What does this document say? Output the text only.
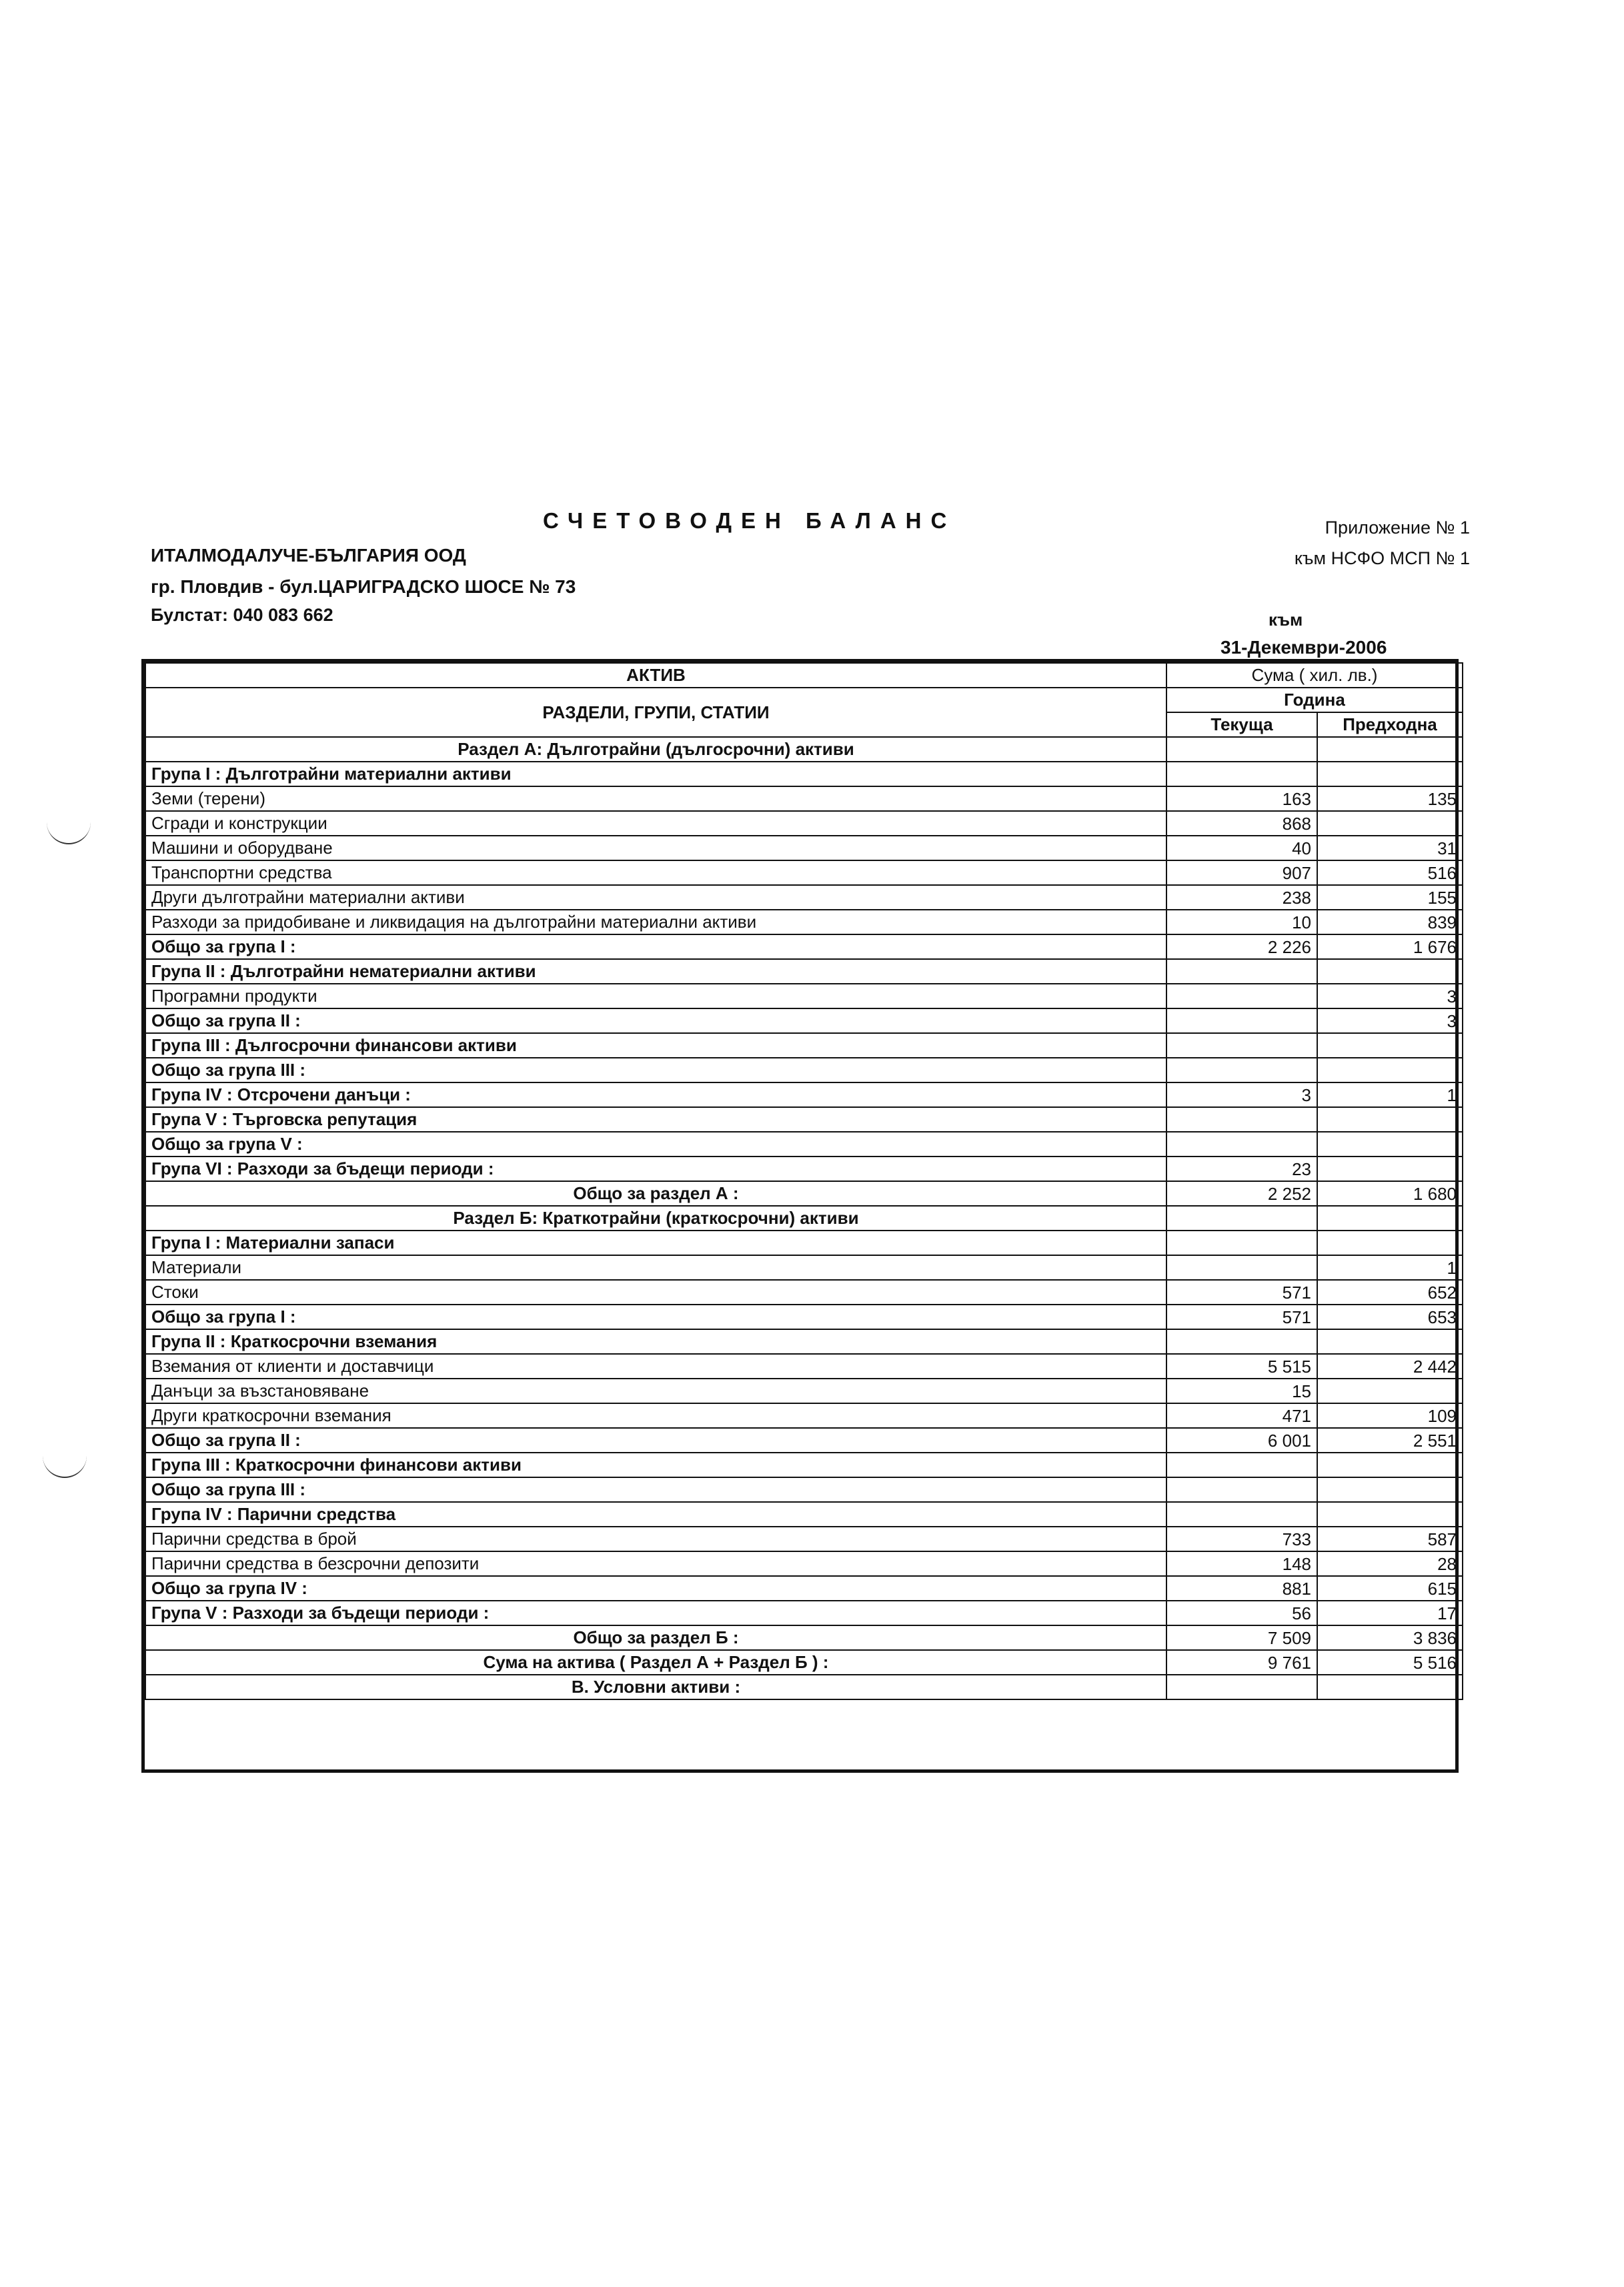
СЧЕТОВОДЕН БАЛАНС
ИТАЛМОДАЛУЧЕ-БЪЛГАРИЯ ООД
гр. Пловдив - бул.ЦАРИГРАДСКО ШОСЕ № 73
Булстат: 040 083 662
Приложение № 1
към НСФО МСП № 1
към
31-Декември-2006
АКТИВ	Сума ( хил. лв.)	
РАЗДЕЛИ, ГРУПИ, СТАТИИ	Година	
	Текуща	Предходна
Раздел А: Дълготрайни (дългосрочни) активи		
Група І : Дълготрайни материални активи		
Земи (терени)	163	135
Сгради и конструкции	868	
Машини и оборудване	40	31
Транспортни средства	907	516
Други дълготрайни материални активи	238	155
Разходи за придобиване и ликвидация на дълготрайни материални активи	10	839
Общо за група І :	2 226	1 676
Група ІІ : Дълготрайни нематериални активи		
Програмни продукти		3
Общо за група ІІ :		3
Група ІІІ : Дългосрочни финансови активи		
Общо за група ІІІ :		
Група ІV : Отсрочени данъци :	3	1
Група V : Търговска репутация		
Общо за група V :		
Група VІ : Разходи за бъдещи периоди :	23	
Общо за раздел А :	2 252	1 680
Раздел Б: Краткотрайни (краткосрочни) активи		
Група І : Материални запаси		
Материали		1
Стоки	571	652
Общо за група І :	571	653
Група ІІ : Краткосрочни вземания		
Вземания от клиенти и доставчици	5 515	2 442
Данъци за възстановяване	15	
Други краткосрочни вземания	471	109
Общо за група ІІ :	6 001	2 551
Група ІІІ : Краткосрочни финансови активи		
Общо за група ІІІ :		
Група ІV : Парични средства		
Парични средства в брой	733	587
Парични средства в безсрочни депозити	148	28
Общо за група ІV :	881	615
Група V : Разходи за бъдещи периоди :	56	17
Общо за раздел Б :	7 509	3 836
Сума на актива ( Раздел А + Раздел Б ) :	9 761	5 516
В. Условни активи :		
